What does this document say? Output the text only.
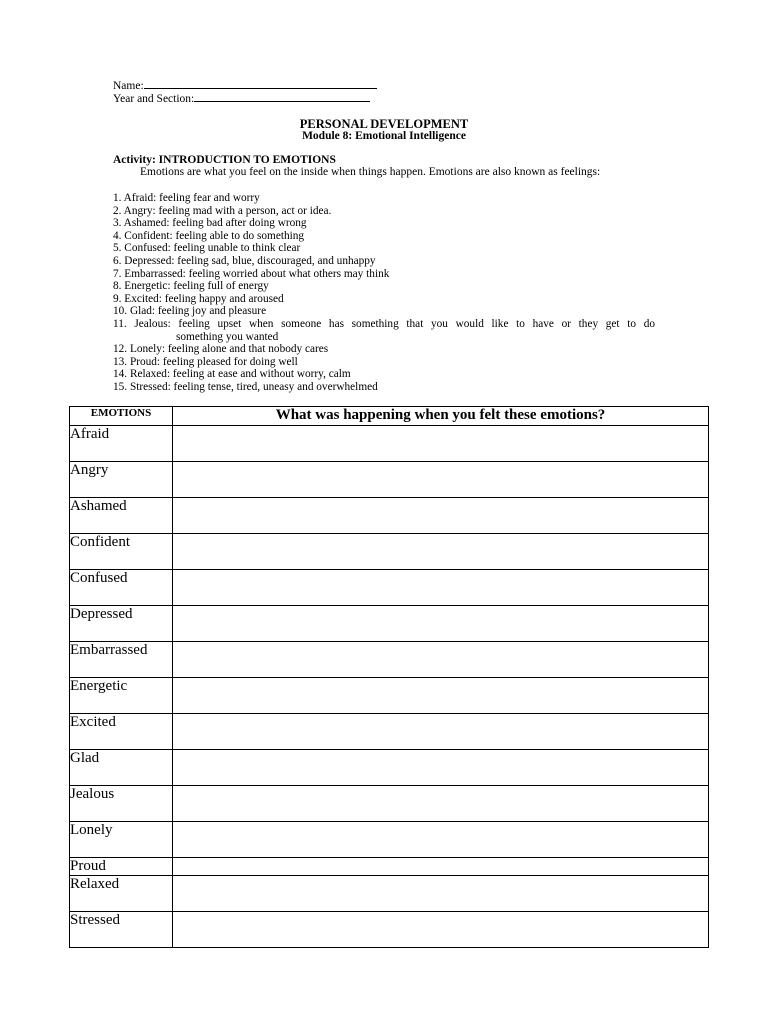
Name:
Year and Section:
PERSONAL DEVELOPMENT
Module 8: Emotional Intelligence
Activity: INTRODUCTION TO EMOTIONS
Emotions are what you feel on the inside when things happen. Emotions are also known as feelings:
1. Afraid: feeling fear and worry
2. Angry: feeling mad with a person, act or idea.
3. Ashamed: feeling bad after doing wrong
4. Confident: feeling able to do something
5. Confused: feeling unable to think clear
6. Depressed: feeling sad, blue, discouraged, and unhappy
7. Embarrassed: feeling worried about what others may think
8. Energetic: feeling full of energy
9. Excited: feeling happy and aroused
10. Glad: feeling joy and pleasure
11. Jealous: feeling upset when someone has something that you would like to have or they get to do
something you wanted
12. Lonely: feeling alone and that nobody cares
13. Proud: feeling pleased for doing well
14. Relaxed: feeling at ease and without worry, calm
15. Stressed: feeling tense, tired, uneasy and overwhelmed
EMOTIONS	What was happening when you felt these emotions?
Afraid	
Angry	
Ashamed	
Confident	
Confused	
Depressed	
Embarrassed	
Energetic	
Excited	
Glad	
Jealous	
Lonely	
Proud	
Relaxed	
Stressed	
